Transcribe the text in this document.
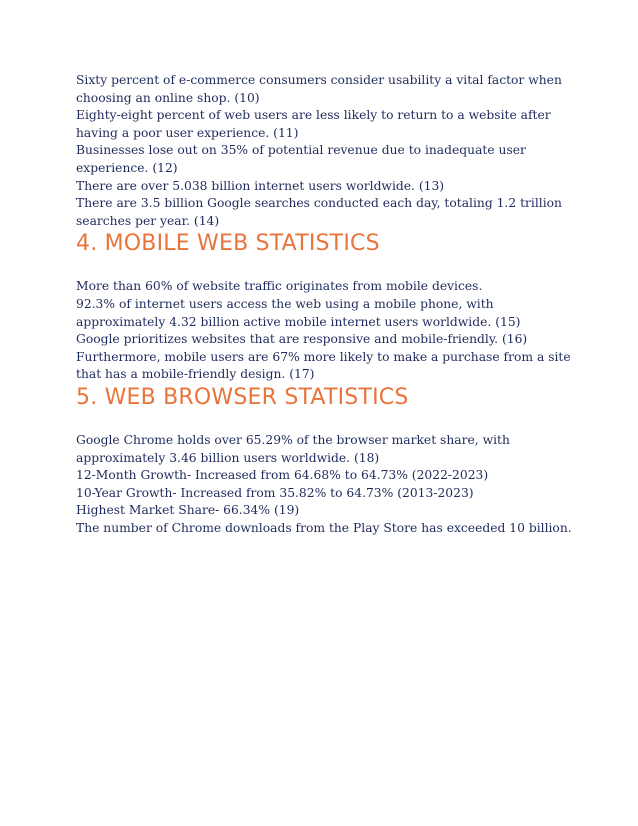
Sixty percent of e-commerce consumers consider usability a vital factor when choosing an online shop. (10)

Eighty-eight percent of web users are less likely to return to a website after having a poor user experience. (11)

Businesses lose out on 35% of potential revenue due to inadequate user experience. (12)

There are over 5.038 billion internet users worldwide. (13)

There are 3.5 billion Google searches conducted each day, totaling 1.2 trillion searches per year. (14)

4. MOBILE WEB STATISTICS

More than 60% of website traffic originates from mobile devices.

92.3% of internet users access the web using a mobile phone, with approximately 4.32 billion active mobile internet users worldwide. (15)

Google prioritizes websites that are responsive and mobile-friendly. (16)

Furthermore, mobile users are 67% more likely to make a purchase from a site that has a mobile-friendly design. (17)

5. WEB BROWSER STATISTICS

Google Chrome holds over 65.29% of the browser market share, with approximately 3.46 billion users worldwide. (18)

12-Month Growth- Increased from 64.68% to 64.73% (2022-2023)

10-Year Growth- Increased from 35.82% to 64.73% (2013-2023)

Highest Market Share- 66.34% (19)

The number of Chrome downloads from the Play Store has exceeded 10 billion.
